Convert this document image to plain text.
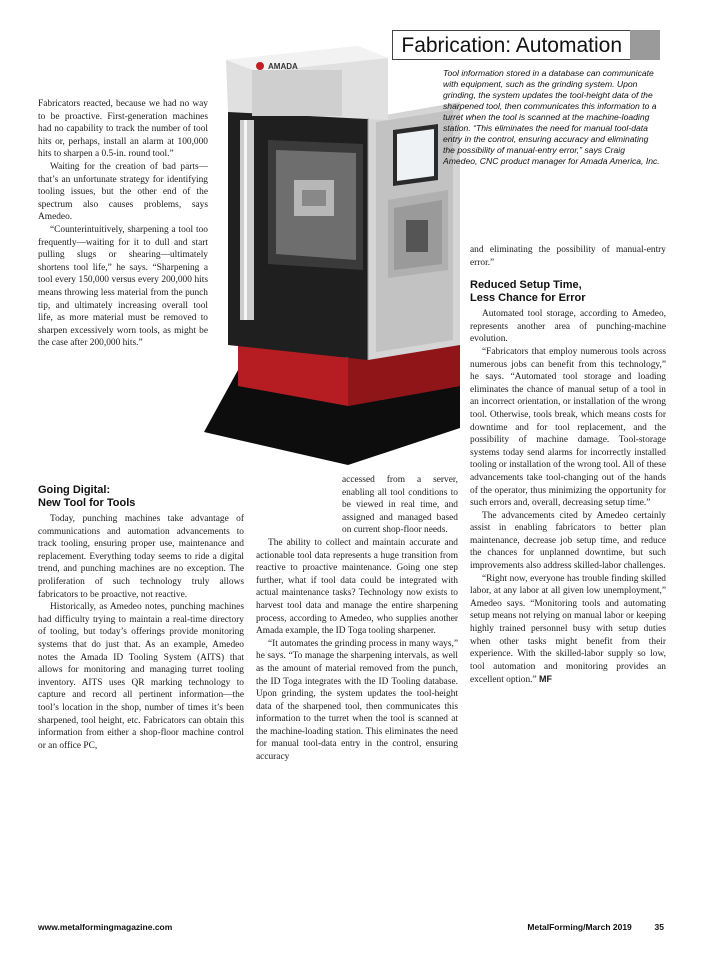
Fabrication: Automation
AMADA
Tool information stored in a database can communicate with equipment, such as the grinding system. Upon grinding, the system updates the tool-height data of the sharpened tool, then communicates this information to a turret when the tool is scanned at the machine-loading station. “This eliminates the need for manual tool-data entry in the control, ensuring accuracy and eliminating the possibility of manual-entry error,” says Craig Amedeo, CNC product manager for Amada America, Inc.

Fabricators reacted, because we had no way to be proactive. First-generation machines had no capability to track the number of tool hits or, perhaps, install an alarm at 100,000 hits to sharpen a 0.5-in. round tool.”

Waiting for the creation of bad parts—that’s an unfortunate strategy for identifying tooling issues, but the other end of the spectrum also causes problems, says Amedeo.

“Counterintuitively, sharpening a tool too frequently—waiting for it to dull and start pulling slugs or shearing—ultimately shortens tool life,” he says. “Sharpening a tool every 150,000 versus every 200,000 hits means throwing less material from the punch tip, and ultimately increasing overall tool life, as more material must be removed to sharpen excessively worn tools, as might be the case after 200,000 hits.”

Going Digital:
New Tool for Tools

Today, punching machines take advantage of communications and automation advancements to track tooling, ensuring proper use, maintenance and replacement. Everything today seems to ride a digital trend, and punching machines are no exception. The proliferation of such technology truly allows fabricators to be proactive, not reactive.

Historically, as Amedeo notes, punching machines had difficulty trying to maintain a real-time directory of tooling, but today’s offerings provide monitoring systems that do just that. As an example, Amedeo notes the Amada ID Tooling System (AITS) that allows for monitoring and managing turret tooling inventory. AITS uses QR marking technology to capture and record all pertinent information—the tool’s location in the shop, number of times it’s been sharpened, tool height, etc. Fabricators can obtain this information from either a shop-floor machine control or an office PC,

accessed from a server, enabling all tool conditions to be viewed in real time, and assigned and managed based on current shop-floor needs.

The ability to collect and maintain accurate and actionable tool data represents a huge transition from reactive to proactive maintenance. Going one step further, what if tool data could be integrated with actual maintenance tasks? Technology now exists to harvest tool data and manage the entire sharpening process, according to Amedeo, who supplies another Amada example, the ID Toga tooling sharpener.

“It automates the grinding process in many ways,” he says. “To manage the sharpening intervals, as well as the amount of material removed from the punch, the ID Toga integrates with the ID Tooling database. Upon grinding, the system updates the tool-height data of the sharpened tool, then communicates this information to the turret when the tool is scanned at the machine-loading station. This eliminates the need for manual tool-data entry in the control, ensuring accuracy

and eliminating the possibility of manual-entry error.”

Reduced Setup Time,
Less Chance for Error

Automated tool storage, according to Amedeo, represents another area of punching-machine evolution.

“Fabricators that employ numerous tools across numerous jobs can benefit from this technology,” he says. “Automated tool storage and loading eliminates the chance of manual setup of a tool in an incorrect orientation, or installation of the wrong tool. Otherwise, tools break, which means costs for downtime and for tool replacement, and the possibility of machine damage. Tool-storage systems today send alarms for incorrectly installed tooling or installation of the wrong tool. All of these advancements take tool-changing out of the hands of the operator, thus minimizing the opportunity for such errors and, overall, decreasing setup time.”

The advancements cited by Amedeo certainly assist in enabling fabricators to better plan maintenance, decrease job setup time, and reduce the chances for unplanned downtime, but such improvements also address skilled-labor challenges.

“Right now, everyone has trouble finding skilled labor, at any labor at all given low unemployment,” Amedeo says. “Monitoring tools and automating setup means not relying on manual labor or keeping highly trained personnel busy with setup duties when other tasks might benefit from their experience. With the skilled-labor supply so low, tool automation and monitoring provides an excellent option.” MF

www.metalformingmagazine.com	MetalForming/March 2019	35
